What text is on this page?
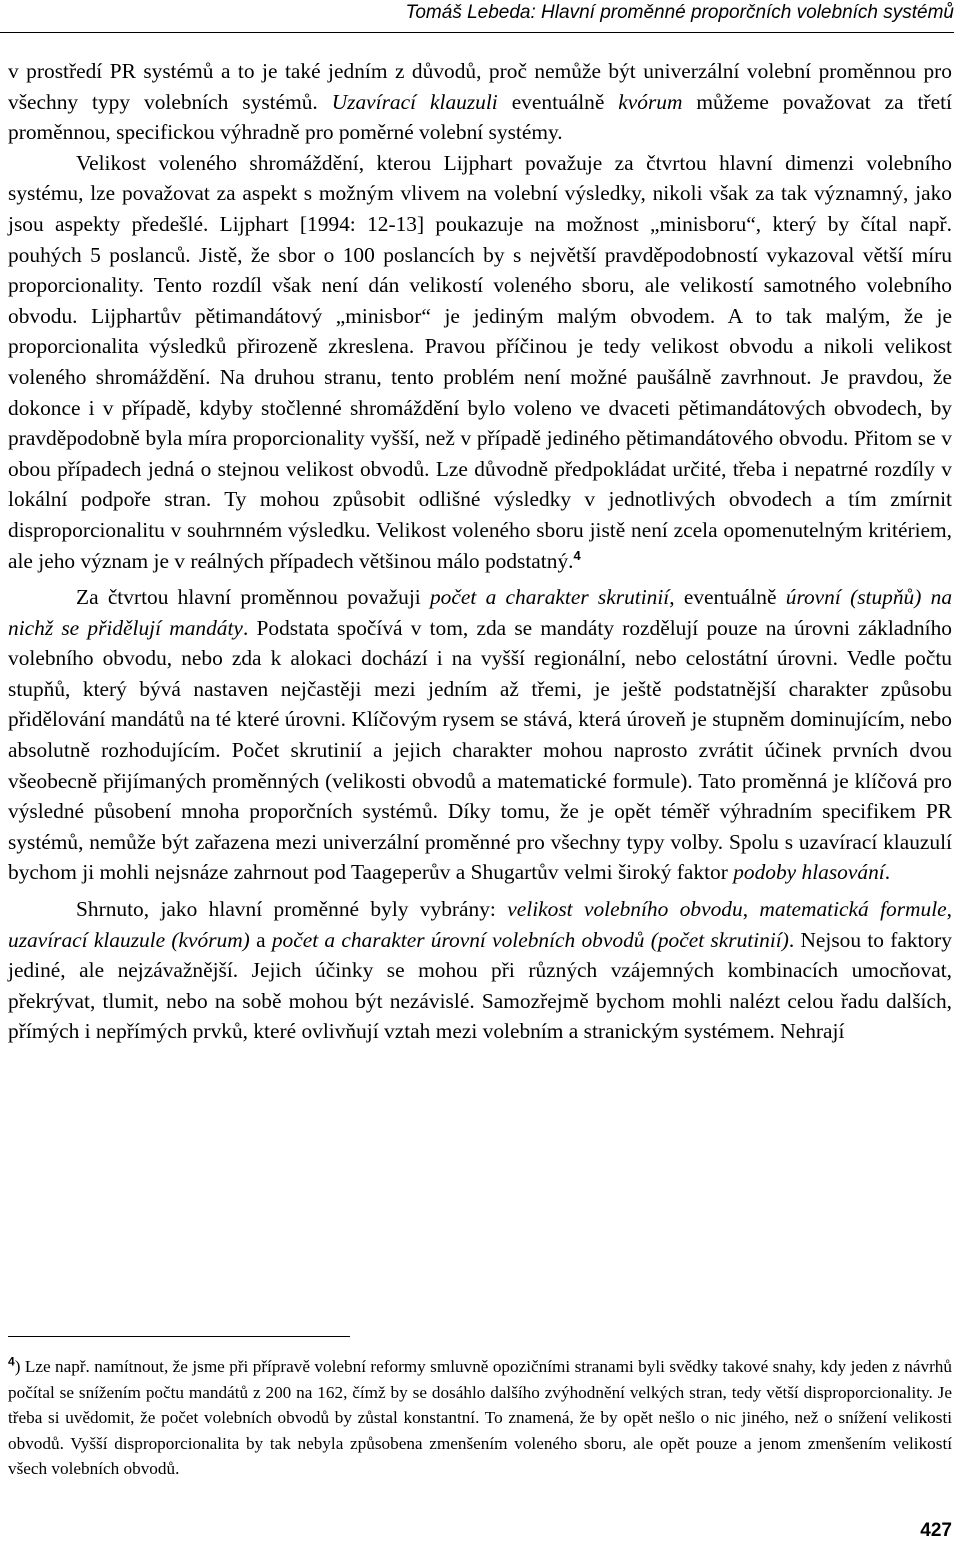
Tomáš Lebeda: Hlavní proměnné proporčních volebních systémů

v prostředí PR systémů a to je také jedním z důvodů, proč nemůže být univerzální volební proměnnou pro všechny typy volebních systémů. Uzavírací klauzuli eventuálně kvórum můžeme považovat za třetí proměnnou, specifickou výhradně pro poměrné volební systémy.

Velikost voleného shromáždění, kterou Lijphart považuje za čtvrtou hlavní dimenzi volebního systému, lze považovat za aspekt s možným vlivem na volební výsledky, nikoli však za tak významný, jako jsou aspekty předešlé. Lijphart [1994: 12-13] poukazuje na možnost „minisboru“, který by čítal např. pouhých 5 poslanců. Jistě, že sbor o 100 poslancích by s největší pravděpodobností vykazoval větší míru proporcionality. Tento rozdíl však není dán velikostí voleného sboru, ale velikostí samotného volebního obvodu. Lijphartův pětimandátový „minisbor“ je jediným malým obvodem. A to tak malým, že je proporcionalita výsledků přirozeně zkreslena. Pravou příčinou je tedy velikost obvodu a nikoli velikost voleného shromáždění. Na druhou stranu, tento problém není možné paušálně zavrhnout. Je pravdou, že dokonce i v případě, kdyby stočlenné shromáždění bylo voleno ve dvaceti pětimandátových obvodech, by pravděpodobně byla míra proporcionality vyšší, než v případě jediného pětimandátového obvodu. Přitom se v obou případech jedná o stejnou velikost obvodů. Lze důvodně předpokládat určité, třeba i nepatrné rozdíly v lokální podpoře stran. Ty mohou způsobit odlišné výsledky v jednotlivých obvodech a tím zmírnit disproporcionalitu v souhrnném výsledku. Velikost voleného sboru jistě není zcela opomenutelným kritériem, ale jeho význam je v reálných případech většinou málo podstatný.$^4$

Za čtvrtou hlavní proměnnou považuji počet a charakter skrutinií, eventuálně úrovní (stupňů) na nichž se přidělují mandáty. Podstata spočívá v tom, zda se mandáty rozdělují pouze na úrovni základního volebního obvodu, nebo zda k alokaci dochází i na vyšší regionální, nebo celostátní úrovni. Vedle počtu stupňů, který bývá nastaven nejčastěji mezi jedním až třemi, je ještě podstatnější charakter způsobu přidělování mandátů na té které úrovni. Klíčovým rysem se stává, která úroveň je stupněm dominujícím, nebo absolutně rozhodujícím. Počet skrutinií a jejich charakter mohou naprosto zvrátit účinek prvních dvou všeobecně přijímaných proměnných (velikosti obvodů a matematické formule). Tato proměnná je klíčová pro výsledné působení mnoha proporčních systémů. Díky tomu, že je opět téměř výhradním specifikem PR systémů, nemůže být zařazena mezi univerzální proměnné pro všechny typy volby. Spolu s uzavírací klauzulí bychom ji mohli nejsnáze zahrnout pod Taageperův a Shugartův velmi široký faktor podoby hlasování.

Shrnuto, jako hlavní proměnné byly vybrány: velikost volebního obvodu, matematická formule, uzavírací klauzule (kvórum) a počet a charakter úrovní volebních obvodů (počet skrutinií). Nejsou to faktory jediné, ale nejzávažnější. Jejich účinky se mohou při různých vzájemných kombinacích umocňovat, překrývat, tlumit, nebo na sobě mohou být nezávislé. Samozřejmě bychom mohli nalézt celou řadu dalších, přímých i nepřímých prvků, které ovlivňují vztah mezi volebním a stranickým systémem. Nehrají

$^4$) Lze např. namítnout, že jsme při přípravě volební reformy smluvně opozičními stranami byli svědky takové snahy, kdy jeden z návrhů počítal se snížením počtu mandátů z 200 na 162, čímž by se dosáhlo dalšího zvýhodnění velkých stran, tedy větší disproporcionality. Je třeba si uvědomit, že počet volebních obvodů by zůstal konstantní. To znamená, že by opět nešlo o nic jiného, než o snížení velikosti obvodů. Vyšší disproporcionalita by tak nebyla způsobena zmenšením voleného sboru, ale opět pouze a jenom zmenšením velikostí všech volebních obvodů.
427
